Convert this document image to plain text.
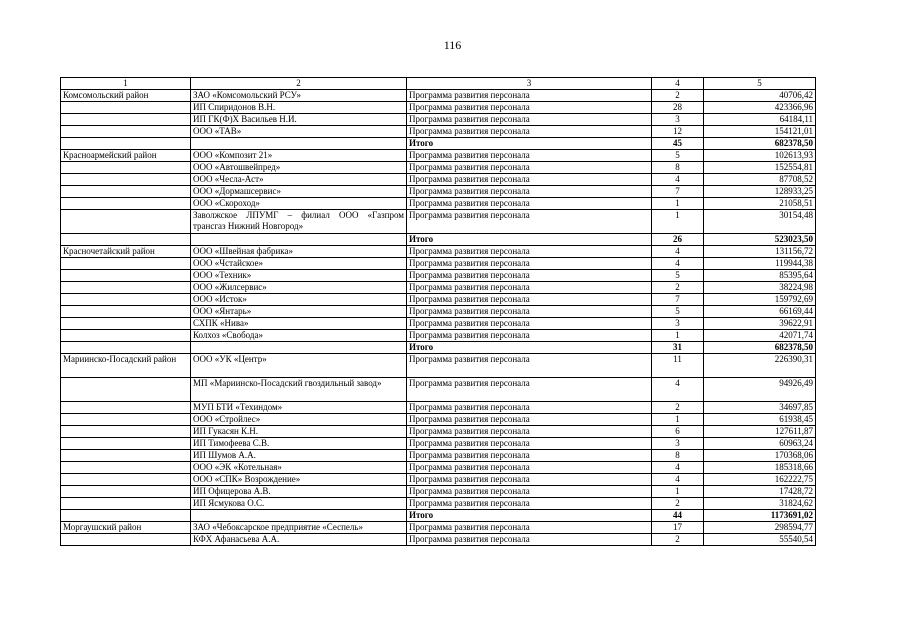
116
1	2	3	4	5
Комсомольский район	ЗАО «Комсомольский РСУ»	Программа развития персонала	2	40706,42
	ИП Спиридонов В.Н.	Программа развития персонала	28	423366,96
	ИП ГК(Ф)Х Васильев Н.И.	Программа развития персонала	3	64184,11
	ООО «ТАВ»	Программа развития персонала	12	154121,01
		Итого	45	682378,50
Красноармейский район	ООО «Композит 21»	Программа развития персонала	5	102613,93
	ООО «Автошвейпред»	Программа развития персонала	8	152554,81
	ООО «Чесла-Аст»	Программа развития персонала	4	87708,52
	ООО «Дормашсервис»	Программа развития персонала	7	128933,25
	ООО «Скороход»	Программа развития персонала	1	21058,51
	Заволжское ЛПУМГ – филиал ООО «Газпром трансгаз Нижний Новгород»	Программа развития персонала	1	30154,48
		Итого	26	523023,50
Красночетайский район	ООО «Швейная фабрика»	Программа развития персонала	4	131156,72
	ООО «Чстайское»	Программа развития персонала	4	119944,38
	ООО «Техник»	Программа развития персонала	5	85395,64
	ООО «Жилсервис»	Программа развития персонала	2	38224,98
	ООО «Исток»	Программа развития персонала	7	159792,69
	ООО «Янтарь»	Программа развития персонала	5	66169,44
	СХПК «Нива»	Программа развития персонала	3	39622,91
	Колхоз «Свобода»	Программа развития персонала	1	42071,74
		Итого	31	682378,50
Мариинско-Посадский район	ООО «УК «Центр»	Программа развития персонала	11	226390,31
	МП «Мариинско-Посадский гвоздильный завод»	Программа развития персонала	4	94926,49
	МУП БТИ «Техиндом»	Программа развития персонала	2	34697,85
	ООО «Стройлес»	Программа развития персонала	1	61938,45
	ИП Гукасян К.Н.	Программа развития персонала	6	127611,87
	ИП Тимофеева С.В.	Программа развития персонала	3	60963,24
	ИП Шумов А.А.	Программа развития персонала	8	170368,06
	ООО «ЭК «Котельная»	Программа развития персонала	4	185318,66
	ООО «СПК» Возрождение»	Программа развития персонала	4	162222,75
	ИП Офицерова А.В.	Программа развития персонала	1	17428,72
	ИП Ясмукова О.С.	Программа развития персонала	2	31824,62
		Итого	44	1173691,02
Моргаушский район	ЗАО «Чебоксарское предприятие «Сеспель»	Программа развития персонала	17	298594,77
	КФХ Афанасьева А.А.	Программа развития персонала	2	55540,54
